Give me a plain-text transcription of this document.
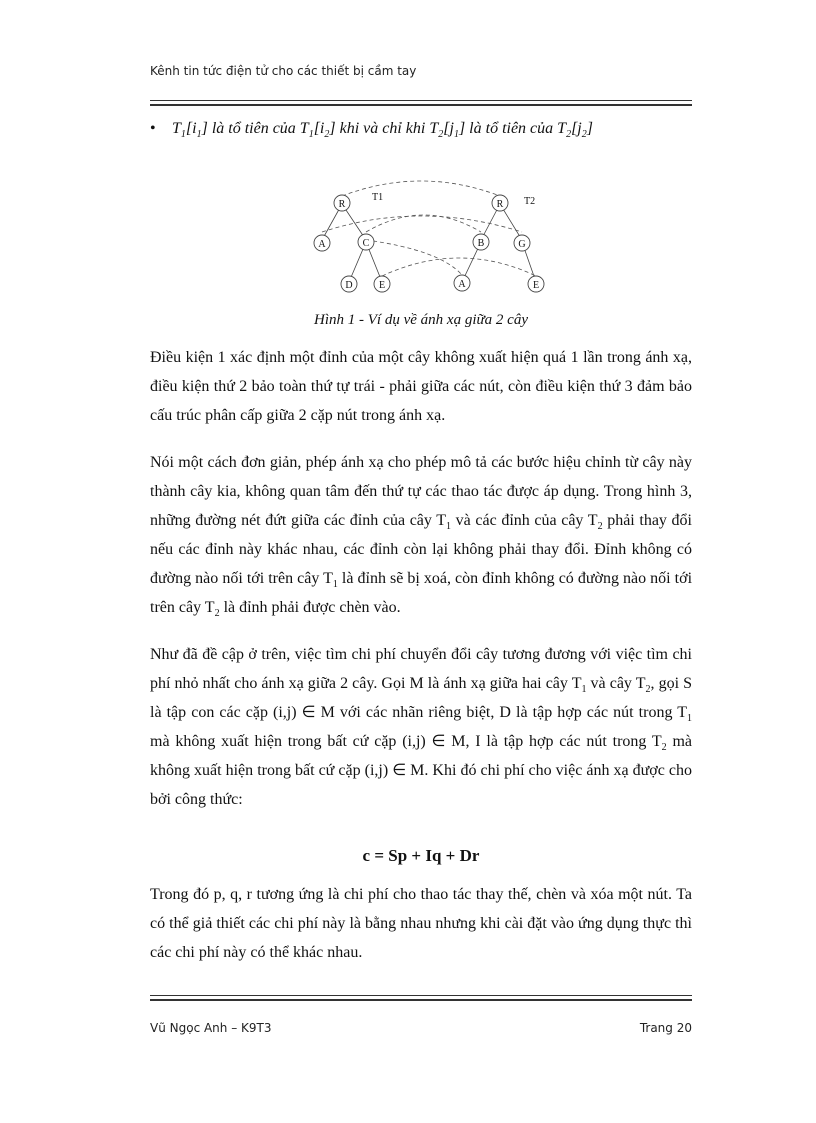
Kênh tin tức điện tử cho các thiết bị cầm tay
• $T_1[i_1]$ là tổ tiên của $T_1[i_2]$ khi và chỉ khi $T_2[j_1]$ là tổ tiên của $T_2[j_2]$
R
A	C
D	E
R
B	G
A	E
T1	T2
Hình 1 - Ví dụ về ánh xạ giữa 2 cây
Điều kiện 1 xác định một đỉnh của một cây không xuất hiện quá 1 lần trong ánh xạ, điều kiện thứ 2 bảo toàn thứ tự trái - phải giữa các nút, còn điều kiện thứ 3 đảm bảo cấu trúc phân cấp giữa 2 cặp nút trong ánh xạ.
Nói một cách đơn giản, phép ánh xạ cho phép mô tả các bước hiệu chỉnh từ cây này thành cây kia, không quan tâm đến thứ tự các thao tác được áp dụng. Trong hình 3, những đường nét đứt giữa các đỉnh của cây $T_1$ và các đỉnh của cây $T_2$ phải thay đổi nếu các đỉnh này khác nhau, các đỉnh còn lại không phải thay đổi. Đỉnh không có đường nào nối tới trên cây $T_1$ là đỉnh sẽ bị xoá, còn đỉnh không có đường nào nối tới trên cây $T_2$ là đỉnh phải được chèn vào.
Như đã đề cập ở trên, việc tìm chi phí chuyển đổi cây tương đương với việc tìm chi phí nhỏ nhất cho ánh xạ giữa 2 cây. Gọi M là ánh xạ giữa hai cây $T_1$ và cây $T_2$, gọi S là tập con các cặp (i,j) ∈ M với các nhãn riêng biệt, D là tập hợp các nút trong $T_1$ mà không xuất hiện trong bất cứ cặp (i,j) ∈ M, I là tập hợp các nút trong $T_2$ mà không xuất hiện trong bất cứ cặp (i,j) ∈ M. Khi đó chi phí cho việc ánh xạ được cho bởi công thức:
c = Sp + Iq + Dr
Trong đó p, q, r tương ứng là chi phí cho thao tác thay thế, chèn và xóa một nút. Ta có thể giả thiết các chi phí này là bằng nhau nhưng khi cài đặt vào ứng dụng thực thì các chi phí này có thể khác nhau.
Vũ Ngọc Anh – K9T3	Trang 20
